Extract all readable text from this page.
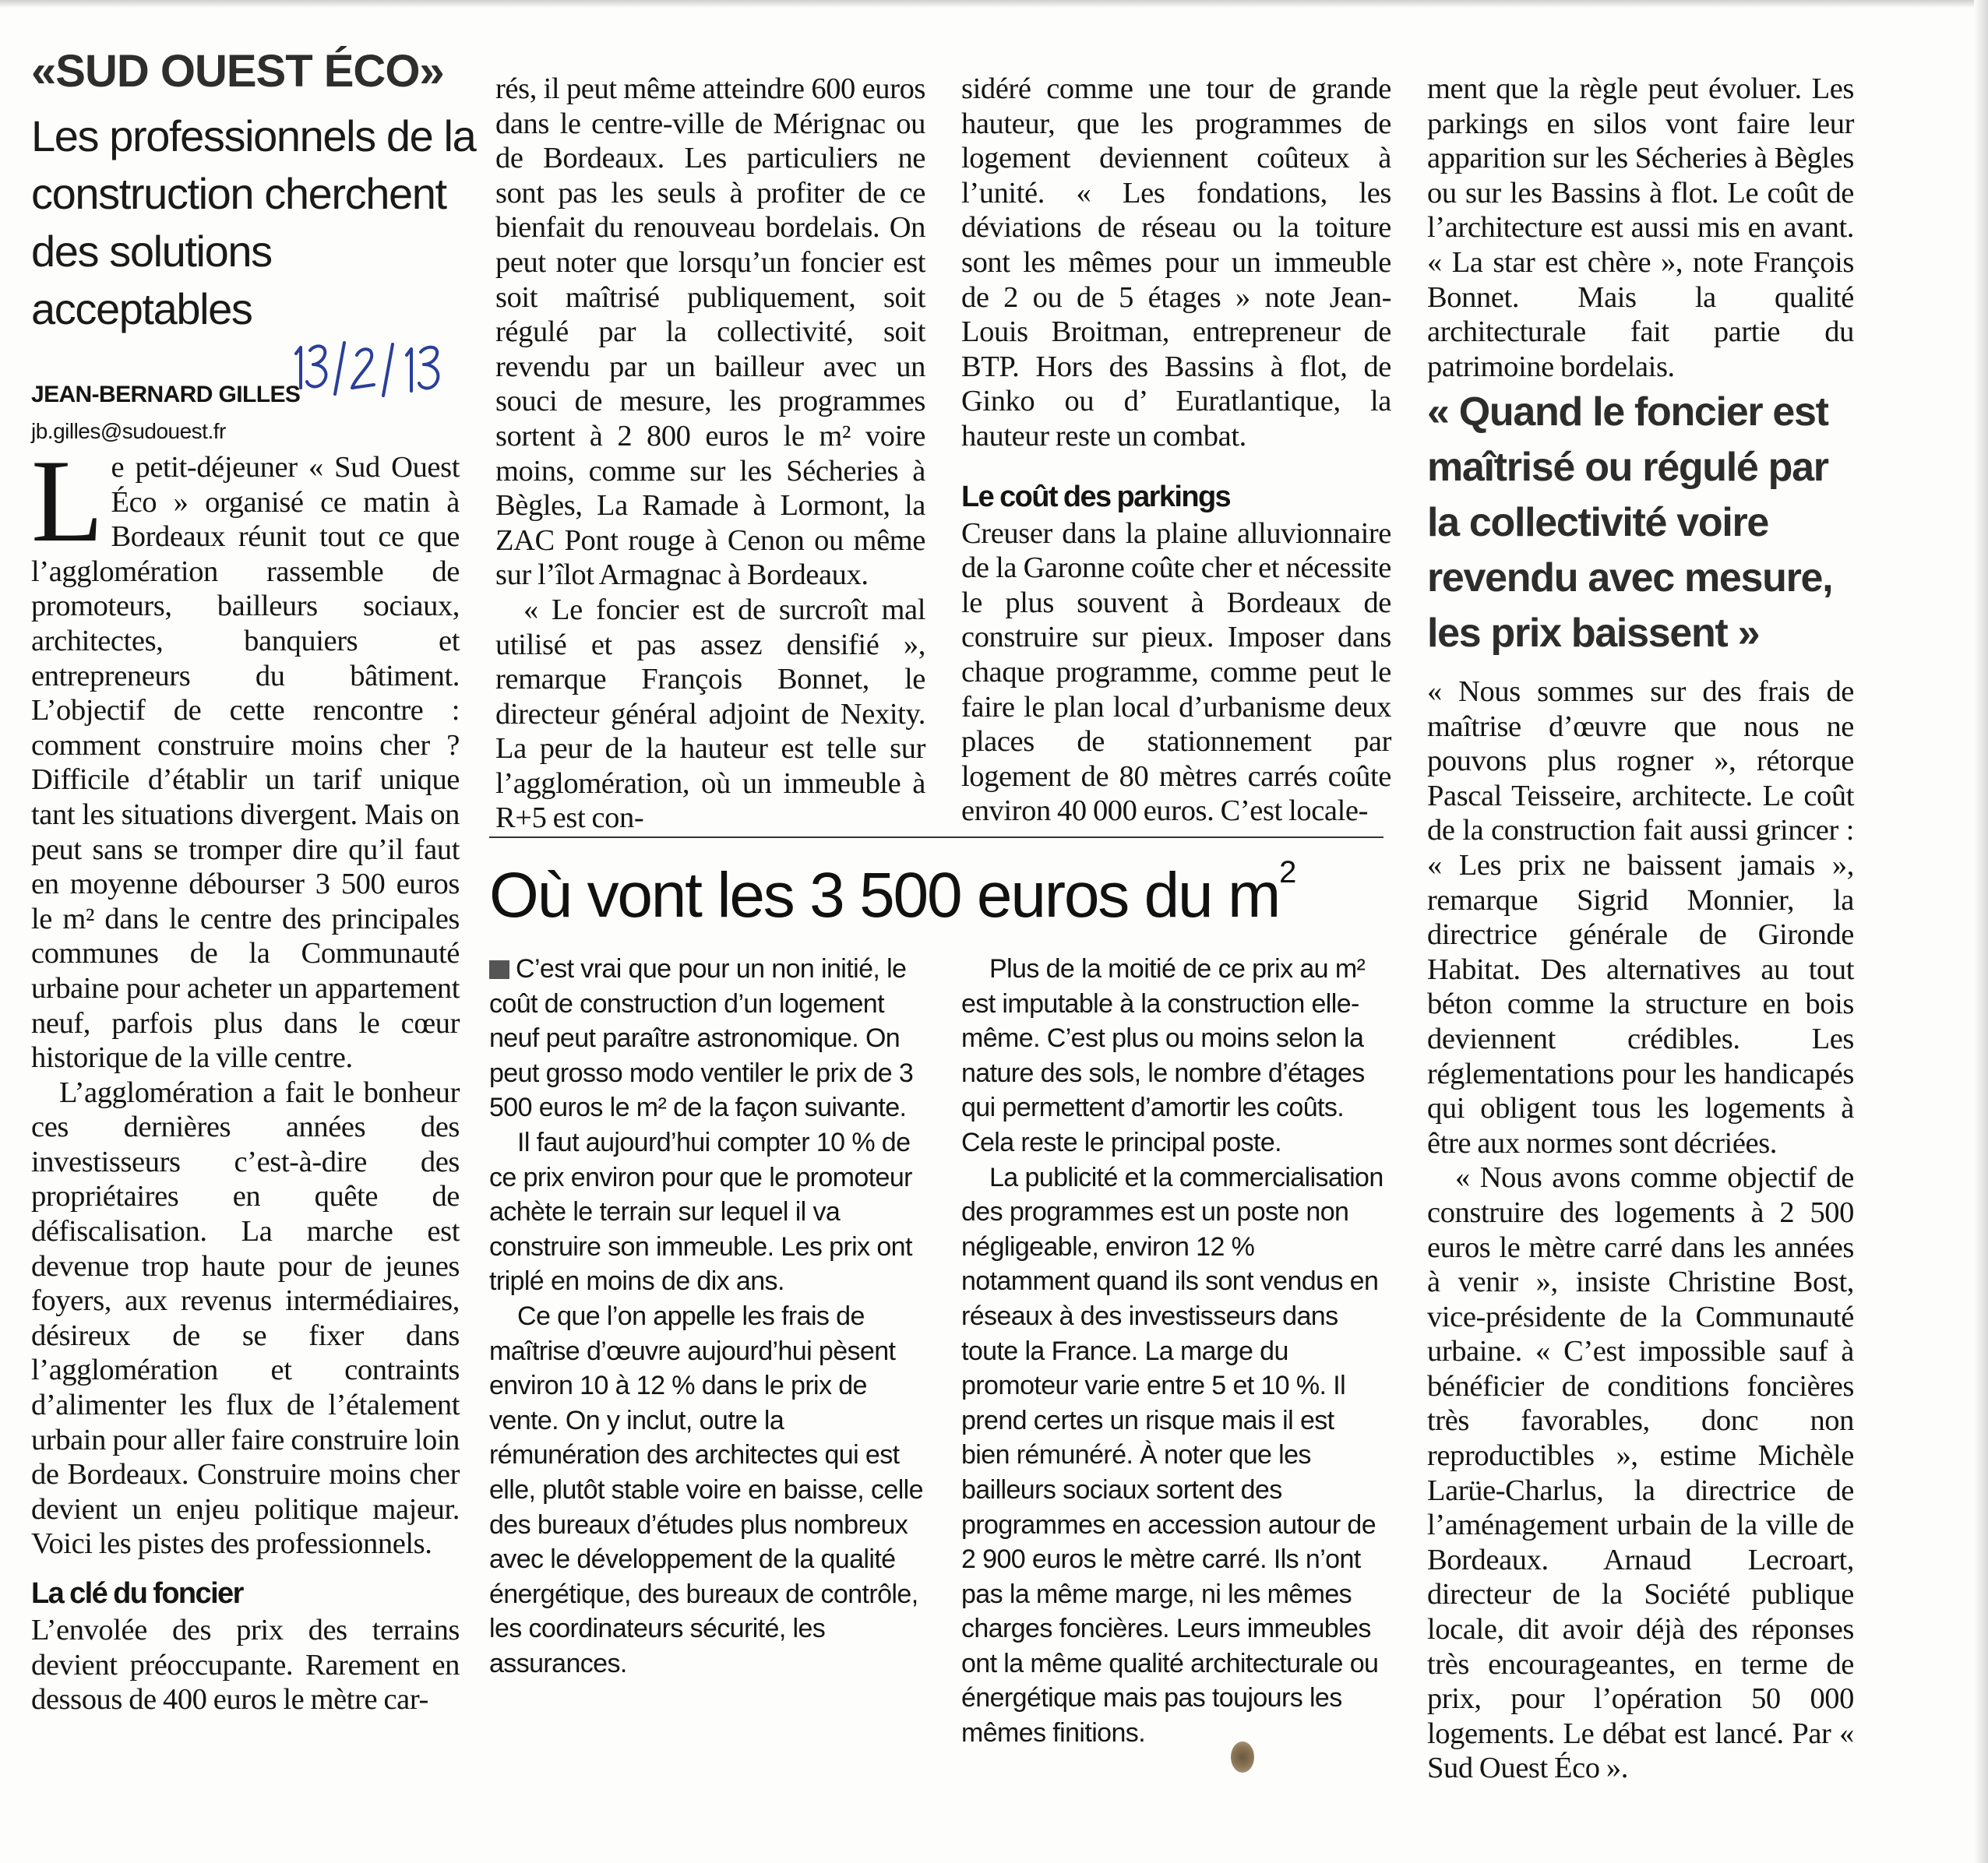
«SUD OUEST ÉCO»
Les professionnels de la construction cherchent des solutions acceptables
JEAN-BERNARD GILLES
jb.gilles@sudouest.fr

Le petit-déjeuner « Sud Ouest Éco » organisé ce matin à Bordeaux réunit tout ce que l’agglomération rassemble de promoteurs, bailleurs sociaux, architectes, banquiers et entrepreneurs du bâtiment. L’objectif de cette rencontre : comment construire moins cher ? Difficile d’établir un tarif unique tant les situations divergent. Mais on peut sans se tromper dire qu’il faut en moyenne débourser 3 500 euros le m² dans le centre des principales communes de la Communauté urbaine pour acheter un appartement neuf, parfois plus dans le cœur historique de la ville centre.

L’agglomération a fait le bonheur ces dernières années des investisseurs c’est-à-dire des propriétaires en quête de défiscalisation. La marche est devenue trop haute pour de jeunes foyers, aux revenus intermédiaires, désireux de se fixer dans l’agglomération et contraints d’alimenter les flux de l’étalement urbain pour aller faire construire loin de Bordeaux. Construire moins cher devient un enjeu politique majeur. Voici les pistes des professionnels.

La clé du foncier

L’envolée des prix des terrains devient préoccupante. Rarement en dessous de 400 euros le mètre car-

rés, il peut même atteindre 600 euros dans le centre-ville de Mérignac ou de Bordeaux. Les particuliers ne sont pas les seuls à profiter de ce bienfait du renouveau bordelais. On peut noter que lorsqu’un foncier est soit maîtrisé publiquement, soit régulé par la collectivité, soit revendu par un bailleur avec un souci de mesure, les programmes sortent à 2 800 euros le m² voire moins, comme sur les Sécheries à Bègles, La Ramade à Lormont, la ZAC Pont rouge à Cenon ou même sur l’îlot Armagnac à Bordeaux.

« Le foncier est de surcroît mal utilisé et pas assez densifié », remarque François Bonnet, le directeur général adjoint de Nexity. La peur de la hauteur est telle sur l’agglomération, où un immeuble à R+5 est con-

sidéré comme une tour de grande hauteur, que les programmes de logement deviennent coûteux à l’unité. « Les fondations, les déviations de réseau ou la toiture sont les mêmes pour un immeuble de 2 ou de 5 étages » note Jean-Louis Broitman, entrepreneur de BTP. Hors des Bassins à flot, de Ginko ou d’ Euratlantique, la hauteur reste un combat.

Le coût des parkings

Creuser dans la plaine alluvionnaire de la Garonne coûte cher et nécessite le plus souvent à Bordeaux de construire sur pieux. Imposer dans chaque programme, comme peut le faire le plan local d’urbanisme deux places de stationnement par logement de 80 mètres carrés coûte environ 40 000 euros. C’est locale-

ment que la règle peut évoluer. Les parkings en silos vont faire leur apparition sur les Sécheries à Bègles ou sur les Bassins à flot. Le coût de l’architecture est aussi mis en avant. « La star est chère », note François Bonnet. Mais la qualité architecturale fait partie du patrimoine bordelais.

« Quand le foncier est maîtrisé ou régulé par la collectivité voire revendu avec mesure, les prix baissent »

« Nous sommes sur des frais de maîtrise d’œuvre que nous ne pouvons plus rogner », rétorque Pascal Teisseire, architecte. Le coût de la construction fait aussi grincer : « Les prix ne baissent jamais », remarque Sigrid Monnier, la directrice générale de Gironde Habitat. Des alternatives au tout béton comme la structure en bois deviennent crédibles. Les réglementations pour les handicapés qui obligent tous les logements à être aux normes sont décriées.

« Nous avons comme objectif de construire des logements à 2 500 euros le mètre carré dans les années à venir », insiste Christine Bost, vice-présidente de la Communauté urbaine. « C’est impossible sauf à bénéficier de conditions foncières très favorables, donc non reproductibles », estime Michèle Larüe-Charlus, la directrice de l’aménagement urbain de la ville de Bordeaux. Arnaud Lecroart, directeur de la Société publique locale, dit avoir déjà des réponses très encourageantes, en terme de prix, pour l’opération 50 000 logements. Le débat est lancé. Par « Sud Ouest Éco ».

Où vont les 3 500 euros du $m^2$

C’est vrai que pour un non initié, le coût de construction d’un logement neuf peut paraître astronomique. On peut grosso modo ventiler le prix de 3 500 euros le m² de la façon suivante.

Il faut aujourd’hui compter 10 % de ce prix environ pour que le promoteur achète le terrain sur lequel il va construire son immeuble. Les prix ont triplé en moins de dix ans.

Ce que l’on appelle les frais de maîtrise d’œuvre aujourd’hui pèsent environ 10 à 12 % dans le prix de vente. On y inclut, outre la rémunération des architectes qui est elle, plutôt stable voire en baisse, celle des bureaux d’études plus nombreux avec le développement de la qualité énergétique, des bureaux de contrôle, les coordinateurs sécurité, les assurances.

Plus de la moitié de ce prix au m² est imputable à la construction elle-même. C’est plus ou moins selon la nature des sols, le nombre d’étages qui permettent d’amortir les coûts. Cela reste le principal poste.

La publicité et la commercialisation des programmes est un poste non négligeable, environ 12 % notamment quand ils sont vendus en réseaux à des investisseurs dans toute la France. La marge du promoteur varie entre 5 et 10 %. Il prend certes un risque mais il est bien rémunéré. À noter que les bailleurs sociaux sortent des programmes en accession autour de 2 900 euros le mètre carré. Ils n’ont pas la même marge, ni les mêmes charges foncières. Leurs immeubles ont la même qualité architecturale ou énergétique mais pas toujours les mêmes finitions.
